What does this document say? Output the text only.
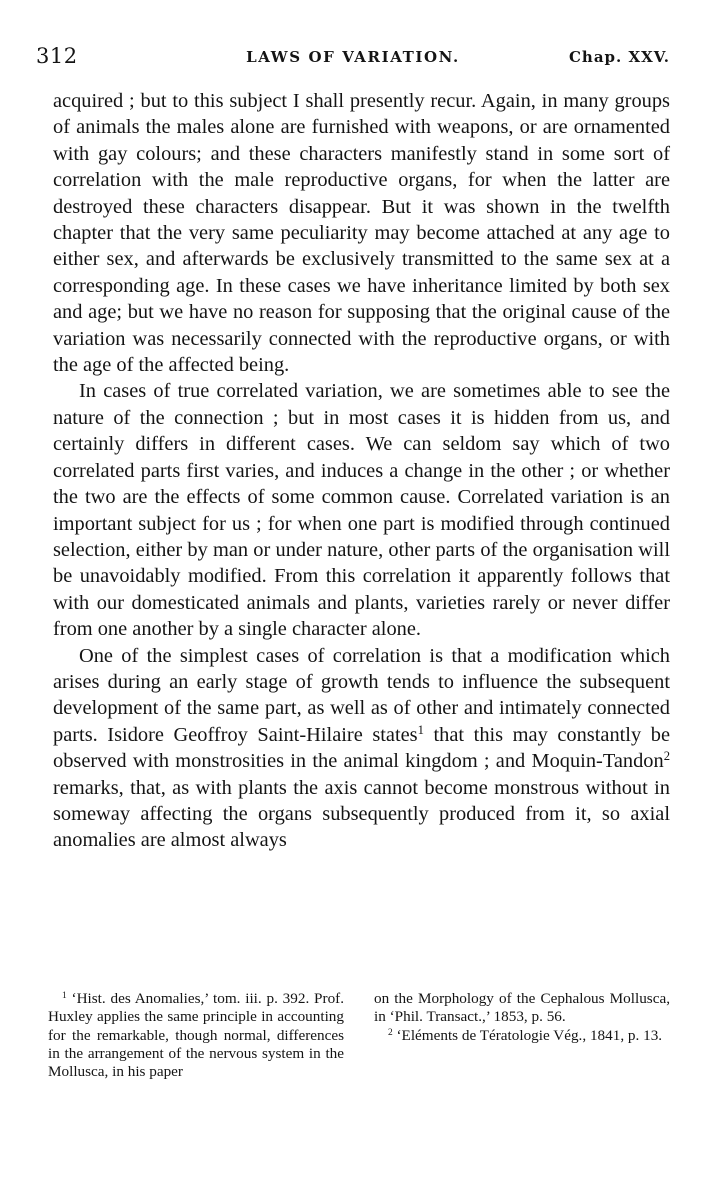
312	LAWS OF VARIATION.	Chap. XXV.

acquired ; but to this subject I shall presently recur. Again, in many groups of animals the males alone are furnished with weapons, or are ornamented with gay colours; and these characters manifestly stand in some sort of correlation with the male reproductive organs, for when the latter are destroyed these characters disappear. But it was shown in the twelfth chapter that the very same peculiarity may become attached at any age to either sex, and afterwards be exclusively transmitted to the same sex at a corresponding age. In these cases we have inheritance limited by both sex and age; but we have no reason for supposing that the original cause of the variation was necessarily connected with the reproductive organs, or with the age of the affected being.

In cases of true correlated variation, we are sometimes able to see the nature of the connection ; but in most cases it is hidden from us, and certainly differs in different cases. We can seldom say which of two correlated parts first varies, and induces a change in the other ; or whether the two are the effects of some common cause. Correlated variation is an important subject for us ; for when one part is modified through continued selection, either by man or under nature, other parts of the organisation will be unavoidably modified. From this correlation it apparently follows that with our domesticated animals and plants, varieties rarely or never differ from one another by a single character alone.

One of the simplest cases of correlation is that a modification which arises during an early stage of growth tends to influence the subsequent development of the same part, as well as of other and intimately connected parts. Isidore Geoffroy Saint-Hilaire states$^1$ that this may constantly be observed with monstrosities in the animal kingdom ; and Moquin-Tandon$^2$ remarks, that, as with plants the axis cannot become monstrous without in someway affecting the organs subsequently produced from it, so axial anomalies are almost always

$^1$ ‘Hist. des Anomalies,’ tom. iii. p. 392. Prof. Huxley applies the same principle in accounting for the remarkable, though normal, differences in the arrangement of the nervous system in the Mollusca, in his paper

on the Morphology of the Cephalous Mollusca, in ‘Phil. Transact.,’ 1853, p. 56.

$^2$ ‘Eléments de Tératologie Vég., 1841, p. 13.
